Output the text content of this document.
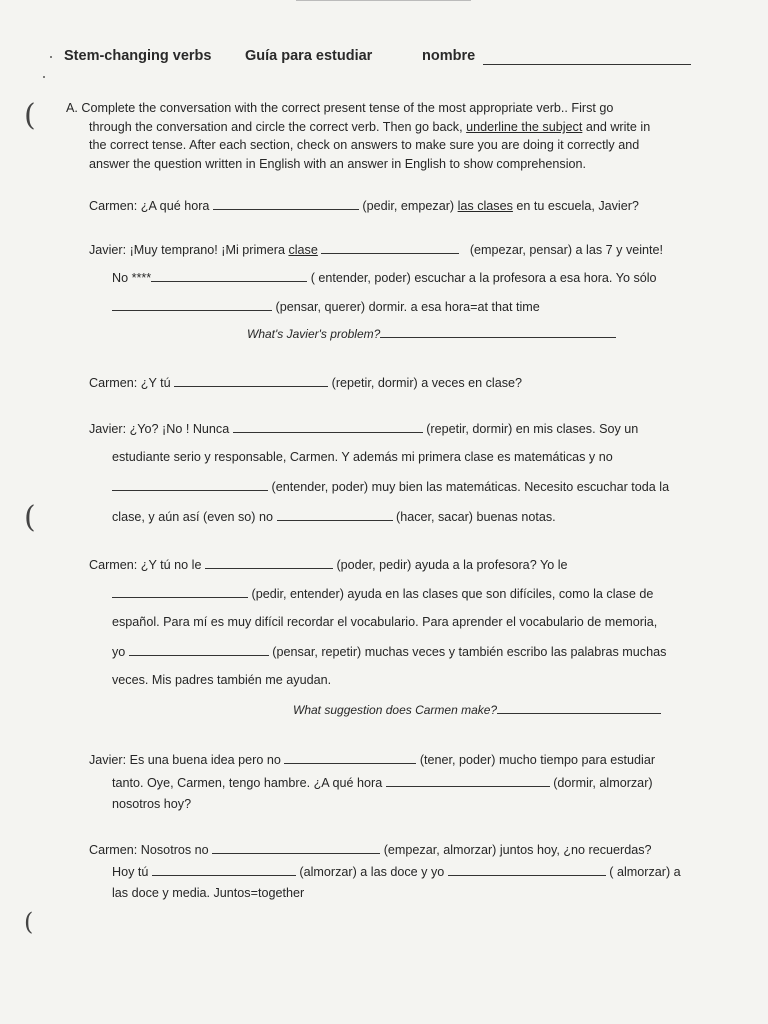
Stem-changing verbs Guía para estudiar	nombre
(
(
(
A. Complete the conversation with the correct present tense of the most appropriate verb.. First go
through the conversation and circle the correct verb. Then go back, underline the subject and write in
the correct tense. After each section, check on answers to make sure you are doing it correctly and
answer the question written in English with an answer in English to show comprehension.
Carmen: ¿A qué hora	(pedir, empezar) las clases en tu escuela, Javier?
Javier: ¡Muy temprano! ¡Mi primera clase	(empezar, pensar) a las 7 y veinte!
No ****	( entender, poder) escuchar a la profesora a esa hora. Yo sólo
(pensar, querer) dormir. a esa hora=at that time
What's Javier's problem?
Carmen: ¿Y tú	(repetir, dormir) a veces en clase?
Javier: ¿Yo? ¡No ! Nunca	(repetir, dormir) en mis clases. Soy un
estudiante serio y responsable, Carmen. Y además mi primera clase es matemáticas y no
(entender, poder) muy bien las matemáticas. Necesito escuchar toda la
clase, y aún así (even so) no	(hacer, sacar) buenas notas.
Carmen: ¿Y tú no le	(poder, pedir) ayuda a la profesora? Yo le
(pedir, entender) ayuda en las clases que son difíciles, como la clase de
español. Para mí es muy difícil recordar el vocabulario. Para aprender el vocabulario de memoria,
yo	(pensar, repetir) muchas veces y también escribo las palabras muchas
veces. Mis padres también me ayudan.
What suggestion does Carmen make?
Javier: Es una buena idea pero no	(tener, poder) mucho tiempo para estudiar
tanto. Oye, Carmen, tengo hambre. ¿A qué hora	(dormir, almorzar)
nosotros hoy?
Carmen: Nosotros no	(empezar, almorzar) juntos hoy, ¿no recuerdas?
Hoy tú	(almorzar) a las doce y yo	( almorzar) a
las doce y media. Juntos=together
